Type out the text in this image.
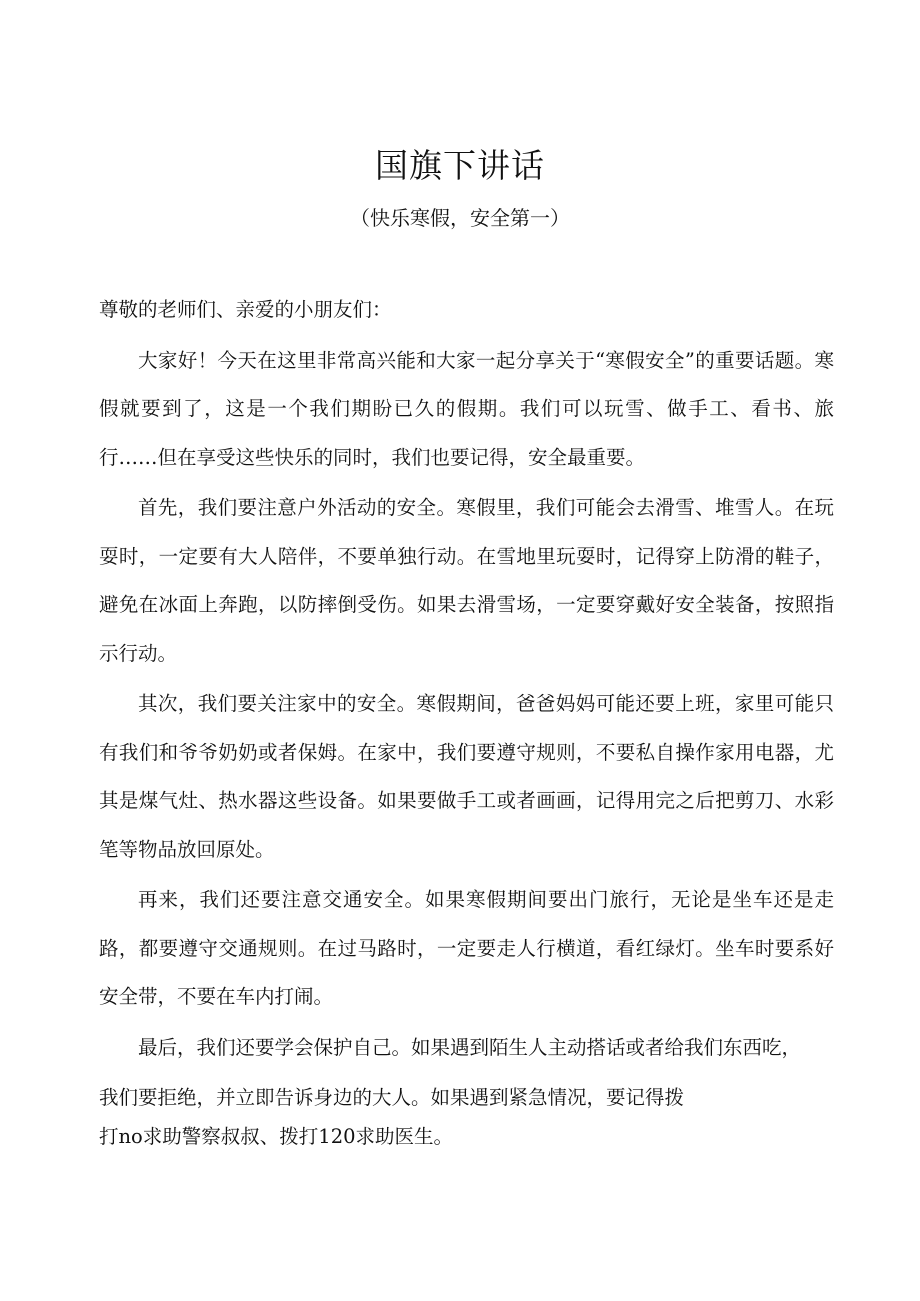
国旗下讲话
（快乐寒假，安全第一）

尊敬的老师们、亲爱的小朋友们：

大家好！今天在这里非常高兴能和大家一起分享关于“寒假安全”的重要话题。寒假就要到了，这是一个我们期盼已久的假期。我们可以玩雪、做手工、看书、旅行……但在享受这些快乐的同时，我们也要记得，安全最重要。

首先，我们要注意户外活动的安全。寒假里，我们可能会去滑雪、堆雪人。在玩耍时，一定要有大人陪伴，不要单独行动。在雪地里玩耍时，记得穿上防滑的鞋子，避免在冰面上奔跑，以防摔倒受伤。如果去滑雪场，一定要穿戴好安全装备，按照指示行动。

其次，我们要关注家中的安全。寒假期间，爸爸妈妈可能还要上班，家里可能只有我们和爷爷奶奶或者保姆。在家中，我们要遵守规则，不要私自操作家用电器，尤其是煤气灶、热水器这些设备。如果要做手工或者画画，记得用完之后把剪刀、水彩笔等物品放回原处。

再来，我们还要注意交通安全。如果寒假期间要出门旅行，无论是坐车还是走路，都要遵守交通规则。在过马路时，一定要走人行横道，看红绿灯。坐车时要系好安全带，不要在车内打闹。

最后，我们还要学会保护自己。如果遇到陌生人主动搭话或者给我们东西吃，

我们要拒绝，并立即告诉身边的大人。如果遇到紧急情况，要记得拨

打no求助警察叔叔、拨打120求助医生。
